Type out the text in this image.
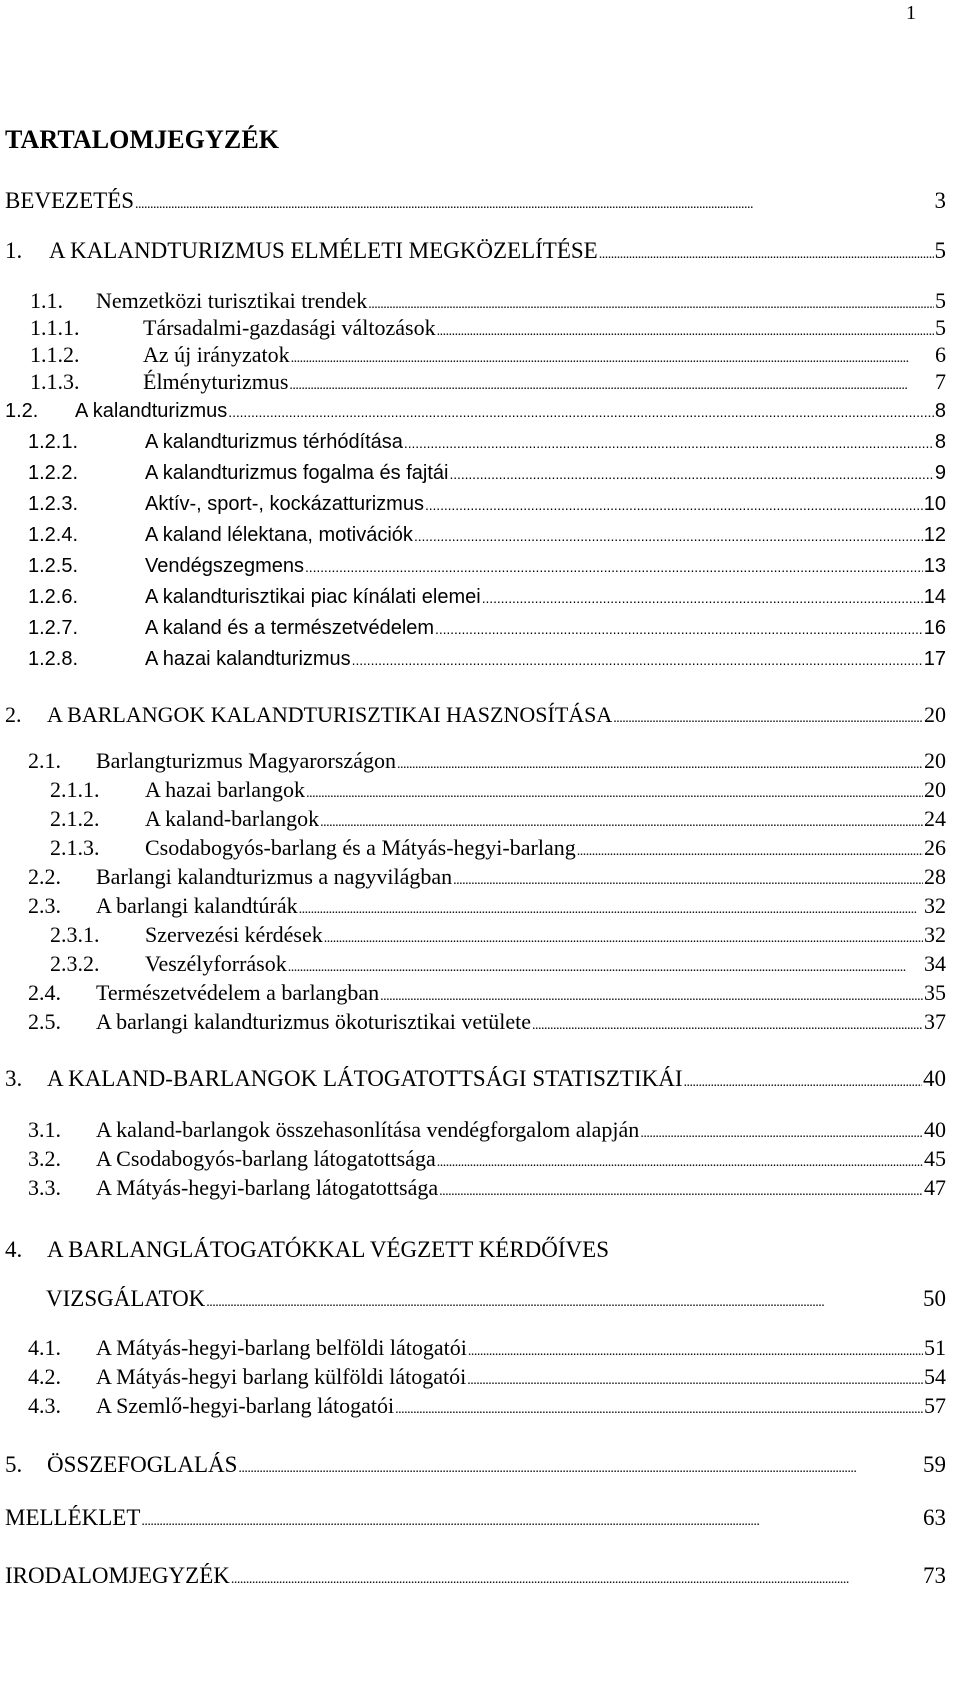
1
TARTALOMJEGYZÉK
BEVEZETÉS . . .	3
1.	A KALANDTURIZMUS ELMÉLETI MEGKÖZELÍTÉSE . . .	5
1.1.	Nemzetközi turisztikai trendek . . .	5
1.1.1.	Társadalmi-gazdasági változások . . .	5
1.1.2.	Az új irányzatok . . .	6
1.1.3.	Élményturizmus . . .	7
1.2.	A kalandturizmus . . .	8
1.2.1.	A kalandturizmus térhódítása . . .	8
1.2.2.	A kalandturizmus fogalma és fajtái . . .	9
1.2.3.	Aktív-, sport-, kockázatturizmus . . .	10
1.2.4.	A kaland lélektana, motivációk . . .	12
1.2.5.	Vendégszegmens . . .	13
1.2.6.	A kalandturisztikai piac kínálati elemei . . .	14
1.2.7.	A kaland és a természetvédelem . . .	16
1.2.8.	A hazai kalandturizmus . . .	17
2.	A BARLANGOK KALANDTURISZTIKAI HASZNOSÍTÁSA . . .	20
2.1.	Barlangturizmus Magyarországon . . .	20
2.1.1.	A hazai barlangok . . .	20
2.1.2.	A kaland-barlangok . . .	24
2.1.3.	Csodabogyós-barlang és a Mátyás-hegyi-barlang . . .	26
2.2.	Barlangi kalandturizmus a nagyvilágban . . .	28
2.3.	A barlangi kalandtúrák . . .	32
2.3.1.	Szervezési kérdések . . .	32
2.3.2.	Veszélyforrások . . .	34
2.4.	Természetvédelem a barlangban . . .	35
2.5.	A barlangi kalandturizmus ökoturisztikai vetülete . . .	37
3.	A KALAND-BARLANGOK LÁTOGATOTTSÁGI STATISZTIKÁI . . .	40
3.1.	A kaland-barlangok összehasonlítása vendégforgalom alapján . . .	40
3.2.	A Csodabogyós-barlang látogatottsága . . .	45
3.3.	A Mátyás-hegyi-barlang látogatottsága . . .	47
4.	A BARLANGLÁTOGATÓKKAL VÉGZETT KÉRDŐÍVES
VIZSGÁLATOK . . .	50
4.1.	A Mátyás-hegyi-barlang belföldi látogatói . . .	51
4.2.	A Mátyás-hegyi barlang külföldi látogatói . . .	54
4.3.	A Szemlő-hegyi-barlang látogatói . . .	57
5.	ÖSSZEFOGLALÁS . . .	59
MELLÉKLET . . .	63
IRODALOMJEGYZÉK . . .	73
